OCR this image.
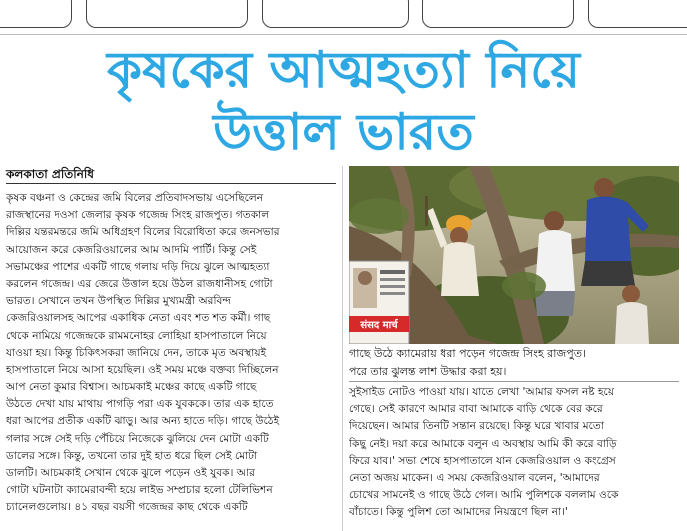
কৃষকের আত্মহত্যা নিয়ে
উত্তাল ভারত
কলকাতা প্রতিনিধি
কৃষক বঞ্চনা ও কেন্দ্রের জমি বিলের প্রতিবাদসভায় এসেছিলেন
রাজস্থানের দওসা জেলার কৃষক গজেন্দ্র সিংহ রাজপুত। গতকাল
দিল্লির যন্তরমন্তরে জমি অধিগ্রহণ বিলের বিরোধিতা করে জনসভার
আয়োজন করে কেজরিওয়ালের আম আদমি পার্টি। কিন্তু সেই
সভামঞ্চের পাশের একটি গাছে গলায় দড়ি দিয়ে ঝুলে আত্মহত্যা
করলেন গজেন্দ্র। এর জেরে উত্তাল হয়ে উঠল রাজধানীসহ গোটা
ভারত। সেখানে তখন উপস্থিত দিল্লির মুখ্যমন্ত্রী অরবিন্দ
কেজরিওয়ালসহ আপের একাধিক নেতা এবং শত শত কর্মী। গাছ
থেকে নামিয়ে গজেন্দ্রকে রামমনোহর লোহিয়া হাসপাতালে নিয়ে
যাওয়া হয়। কিন্তু চিকিৎসকরা জানিয়ে দেন, তাকে মৃত অবস্থায়ই
হাসপাতালে নিয়ে আসা হয়েছিল। ওই সময় মঞ্চে বক্তব্য দিচ্ছিলেন
আপ নেতা কুমার বিশ্বাস। আচমকাই মঞ্চের কাছে একটি গাছে
উঠতে দেখা যায় মাথায় পাগড়ি পরা এক যুবককে। তার এক হাতে
ধরা আপের প্রতীক একটি ঝাড়ু। আর অন্য হাতে দড়ি। গাছে উঠেই
গলার সঙ্গে সেই দড়ি পেঁচিয়ে নিজেকে ঝুলিয়ে দেন মোটা একটি
ডালের সঙ্গে। কিন্তু, তখনো তার দুই হাত ধরে ছিল সেই মোটা
ডালটি। আচমকাই সেখান থেকে ঝুলে পড়েন ওই যুবক। আর
গোটা ঘটনাটা ক্যামেরাবন্দী হয়ে লাইভ সম্প্রচার হলো টেলিভিশন
চ্যানেলগুলোয়। ৪১ বছর বয়সী গজেন্দ্রর কাছ থেকে একটি
संसद मार्च
গাছে উঠে ক্যামেরায় ধরা পড়েন গজেন্দ্র সিংহ রাজপুত।
পরে তার ঝুলন্ত লাশ উদ্ধার করা হয়।
সুইসাইড নোটও পাওয়া যায়। যাতে লেখা 'আমার ফসল নষ্ট হয়ে
গেছে। সেই কারণে আমার বাবা আমাকে বাড়ি থেকে বের করে
দিয়েছেন। আমার তিনটি সন্তান রয়েছে। কিন্তু ঘরে খাবার মতো
কিছু নেই। দয়া করে আমাকে বলুন এ অবস্থায় আমি কী করে বাড়ি
ফিরে যাব।' সভা শেষে হাসপাতালে যান কেজরিওয়াল ও কংগ্রেস
নেতা অজয় মাকেন। এ সময় কেজরিওয়াল বলেন, 'আমাদের
চোখের সামনেই ও গাছে উঠে গেল। আমি পুলিশকে বললাম ওকে
বাঁচাতে। কিন্তু পুলিশ তো আমাদের নিয়ন্ত্রণে ছিল না।'
